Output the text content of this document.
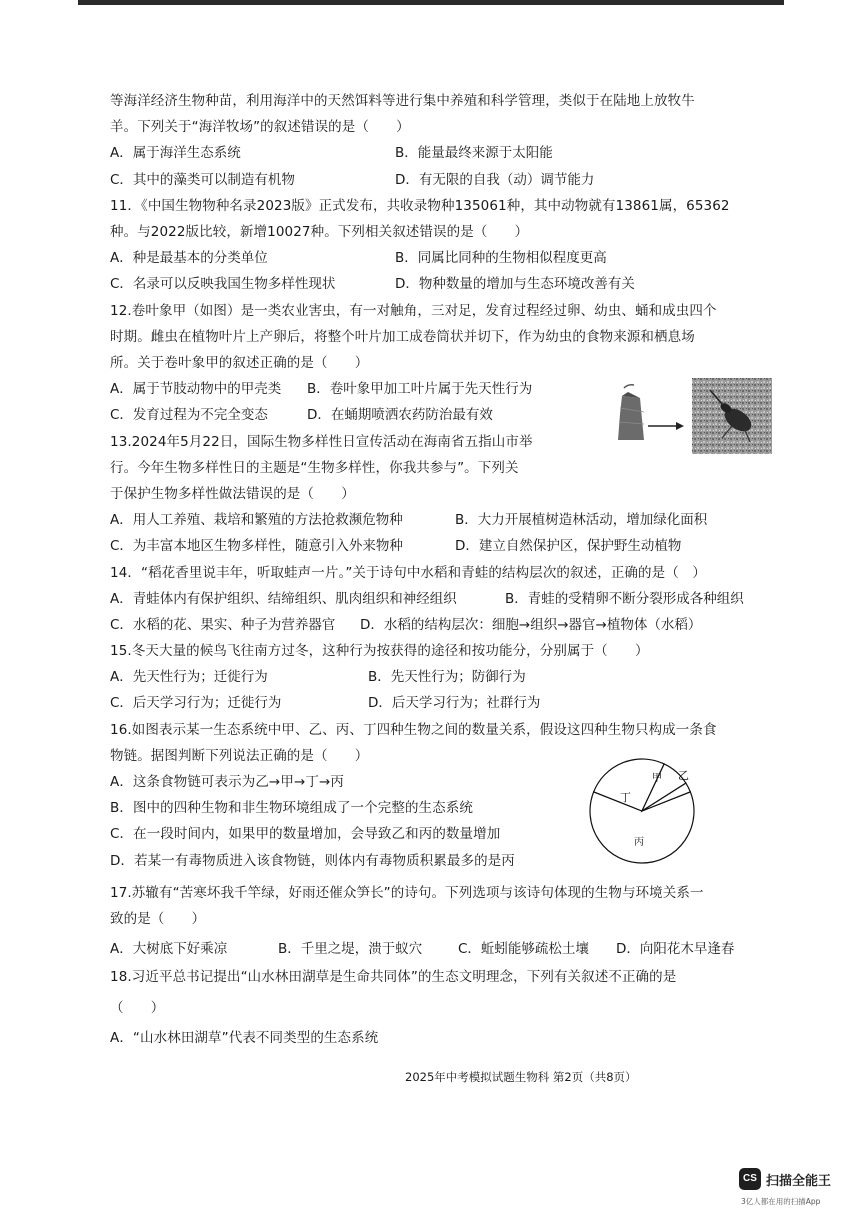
等海洋经济生物种苗，利用海洋中的天然饵料等进行集中养殖和科学管理，类似于在陆地上放牧牛
羊。下列关于“海洋牧场”的叙述错误的是（　　）
A．属于海洋生态系统	B．能量最终来源于太阳能
C．其中的藻类可以制造有机物	D．有无限的自我（动）调节能力
11．《中国生物物种名录2023版》正式发布，共收录物种135061种，其中动物就有13861属，65362
种。与2022版比较，新增10027种。下列相关叙述错误的是（　　）
A．种是最基本的分类单位	B．同属比同种的生物相似程度更高
C．名录可以反映我国生物多样性现状	D．物种数量的增加与生态环境改善有关
12.卷叶象甲（如图）是一类农业害虫，有一对触角，三对足，发育过程经过卵、幼虫、蛹和成虫四个
时期。雌虫在植物叶片上产卵后，将整个叶片加工成卷筒状并切下，作为幼虫的食物来源和栖息场
所。关于卷叶象甲的叙述正确的是（　　）
A．属于节肢动物中的甲壳类	B．卷叶象甲加工叶片属于先天性行为
C．发育过程为不完全变态	D．在蛹期喷洒农药防治最有效
13.2024年5月22日，国际生物多样性日宣传活动在海南省五指山市举
行。今年生物多样性日的主题是“生物多样性，你我共参与”。下列关
于保护生物多样性做法错误的是（　　）
A．用人工养殖、栽培和繁殖的方法抢救濒危物种	B．大力开展植树造林活动，增加绿化面积
C．为丰富本地区生物多样性，随意引入外来物种	D．建立自然保护区，保护野生动植物
14．“稻花香里说丰年，听取蛙声一片。”关于诗句中水稻和青蛙的结构层次的叙述，正确的是（　）
A．青蛙体内有保护组织、结缔组织、肌肉组织和神经组织	B．青蛙的受精卵不断分裂形成各种组织
C．水稻的花、果实、种子为营养器官	D．水稻的结构层次：细胞→组织→器官→植物体（水稻）
15.冬天大量的候鸟飞往南方过冬，这种行为按获得的途径和按功能分，分别属于（　　）
A．先天性行为；迁徙行为	B．先天性行为；防御行为
C．后天学习行为；迁徙行为	D．后天学习行为；社群行为
16.如图表示某一生态系统中甲、乙、丙、丁四种生物之间的数量关系，假设这四种生物只构成一条食
物链。据图判断下列说法正确的是（　　）
A．这条食物链可表示为乙→甲→丁→丙
B．图中的四种生物和非生物环境组成了一个完整的生态系统
C．在一段时间内，如果甲的数量增加，会导致乙和丙的数量增加
D．若某一有毒物质进入该食物链，则体内有毒物质积累最多的是丙
17.苏辙有“苦寒坏我千竿绿，好雨还催众笋长”的诗句。下列选项与该诗句体现的生物与环境关系一
致的是（　　）
A．大树底下好乘凉	B．千里之堤，溃于蚁穴	C．蚯蚓能够疏松土壤	D．向阳花木早逢春
18.习近平总书记提出“山水林田湖草是生命共同体”的生态文明理念，下列有关叙述不正确的是
（　　）
A．“山水林田湖草”代表不同类型的生态系统
丁
甲 乙
丙
2025年中考模拟试题生物科 第2页（共8页）
CS 扫描全能王
3亿人都在用的扫描App
